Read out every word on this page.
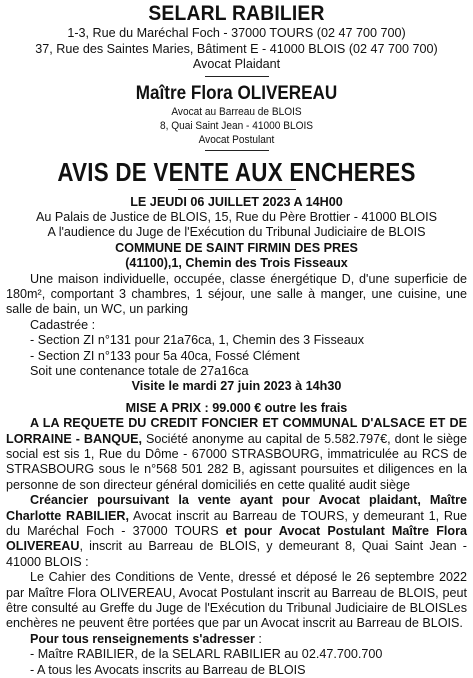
SELARL RABILIER
1-3, Rue du Maréchal Foch - 37000 TOURS (02 47 700 700)
37, Rue des Saintes Maries, Bâtiment E - 41000 BLOIS (02 47 700 700)
Avocat Plaidant
Maître Flora OLIVEREAU
Avocat au Barreau de BLOIS
8, Quai Saint Jean - 41000 BLOIS
Avocat Postulant
AVIS DE VENTE AUX ENCHERES

LE JEUDI 06 JUILLET 2023 A 14H00

Au Palais de Justice de BLOIS, 15, Rue du Père Brottier - 41000 BLOIS

A l'audience du Juge de l'Exécution du Tribunal Judiciaire de BLOIS

COMMUNE DE SAINT FIRMIN DES PRES

(41100),1, Chemin des Trois Fisseaux

Une maison individuelle, occupée, classe énergétique D, d'une superficie de 180m², comportant 3 chambres, 1 séjour, une salle à manger, une cuisine, une salle de bain, un WC, un parking

Cadastrée :

- Section ZI n°131 pour 21a76ca, 1, Chemin des 3 Fisseaux

- Section ZI n°133 pour 5a 40ca, Fossé Clément

Soit une contenance totale de 27a16ca

Visite le mardi 27 juin 2023 à 14h30

MISE A PRIX : 99.000 € outre les frais

A LA REQUETE DU CREDIT FONCIER ET COMMUNAL D'ALSACE ET DE LORRAINE - BANQUE, Société anonyme au capital de 5.582.797€, dont le siège social est sis 1, Rue du Dôme - 67000 STRASBOURG, immatriculée au RCS de STRASBOURG sous le n°568 501 282 B, agissant poursuites et diligences en la personne de son directeur général domiciliés en cette qualité audit siège

Créancier poursuivant la vente ayant pour Avocat plaidant, Maître Charlotte RABILIER, Avocat inscrit au Barreau de TOURS, y demeurant 1, Rue du Maréchal Foch - 37000 TOURS et pour Avocat Postulant Maître Flora OLIVEREAU, inscrit au Barreau de BLOIS, y demeurant 8, Quai Saint Jean - 41000 BLOIS :

Le Cahier des Conditions de Vente, dressé et déposé le 26 septembre 2022 par Maître Flora OLIVEREAU, Avocat Postulant inscrit au Barreau de BLOIS, peut être consulté au Greffe du Juge de l'Exécution du Tribunal Judiciaire de BLOISLes enchères ne peuvent être portées que par un Avocat inscrit au Barreau de BLOIS.

Pour tous renseignements s'adresser :

- Maître RABILIER, de la SELARL RABILIER au 02.47.700.700

- A tous les Avocats inscrits au Barreau de BLOIS
